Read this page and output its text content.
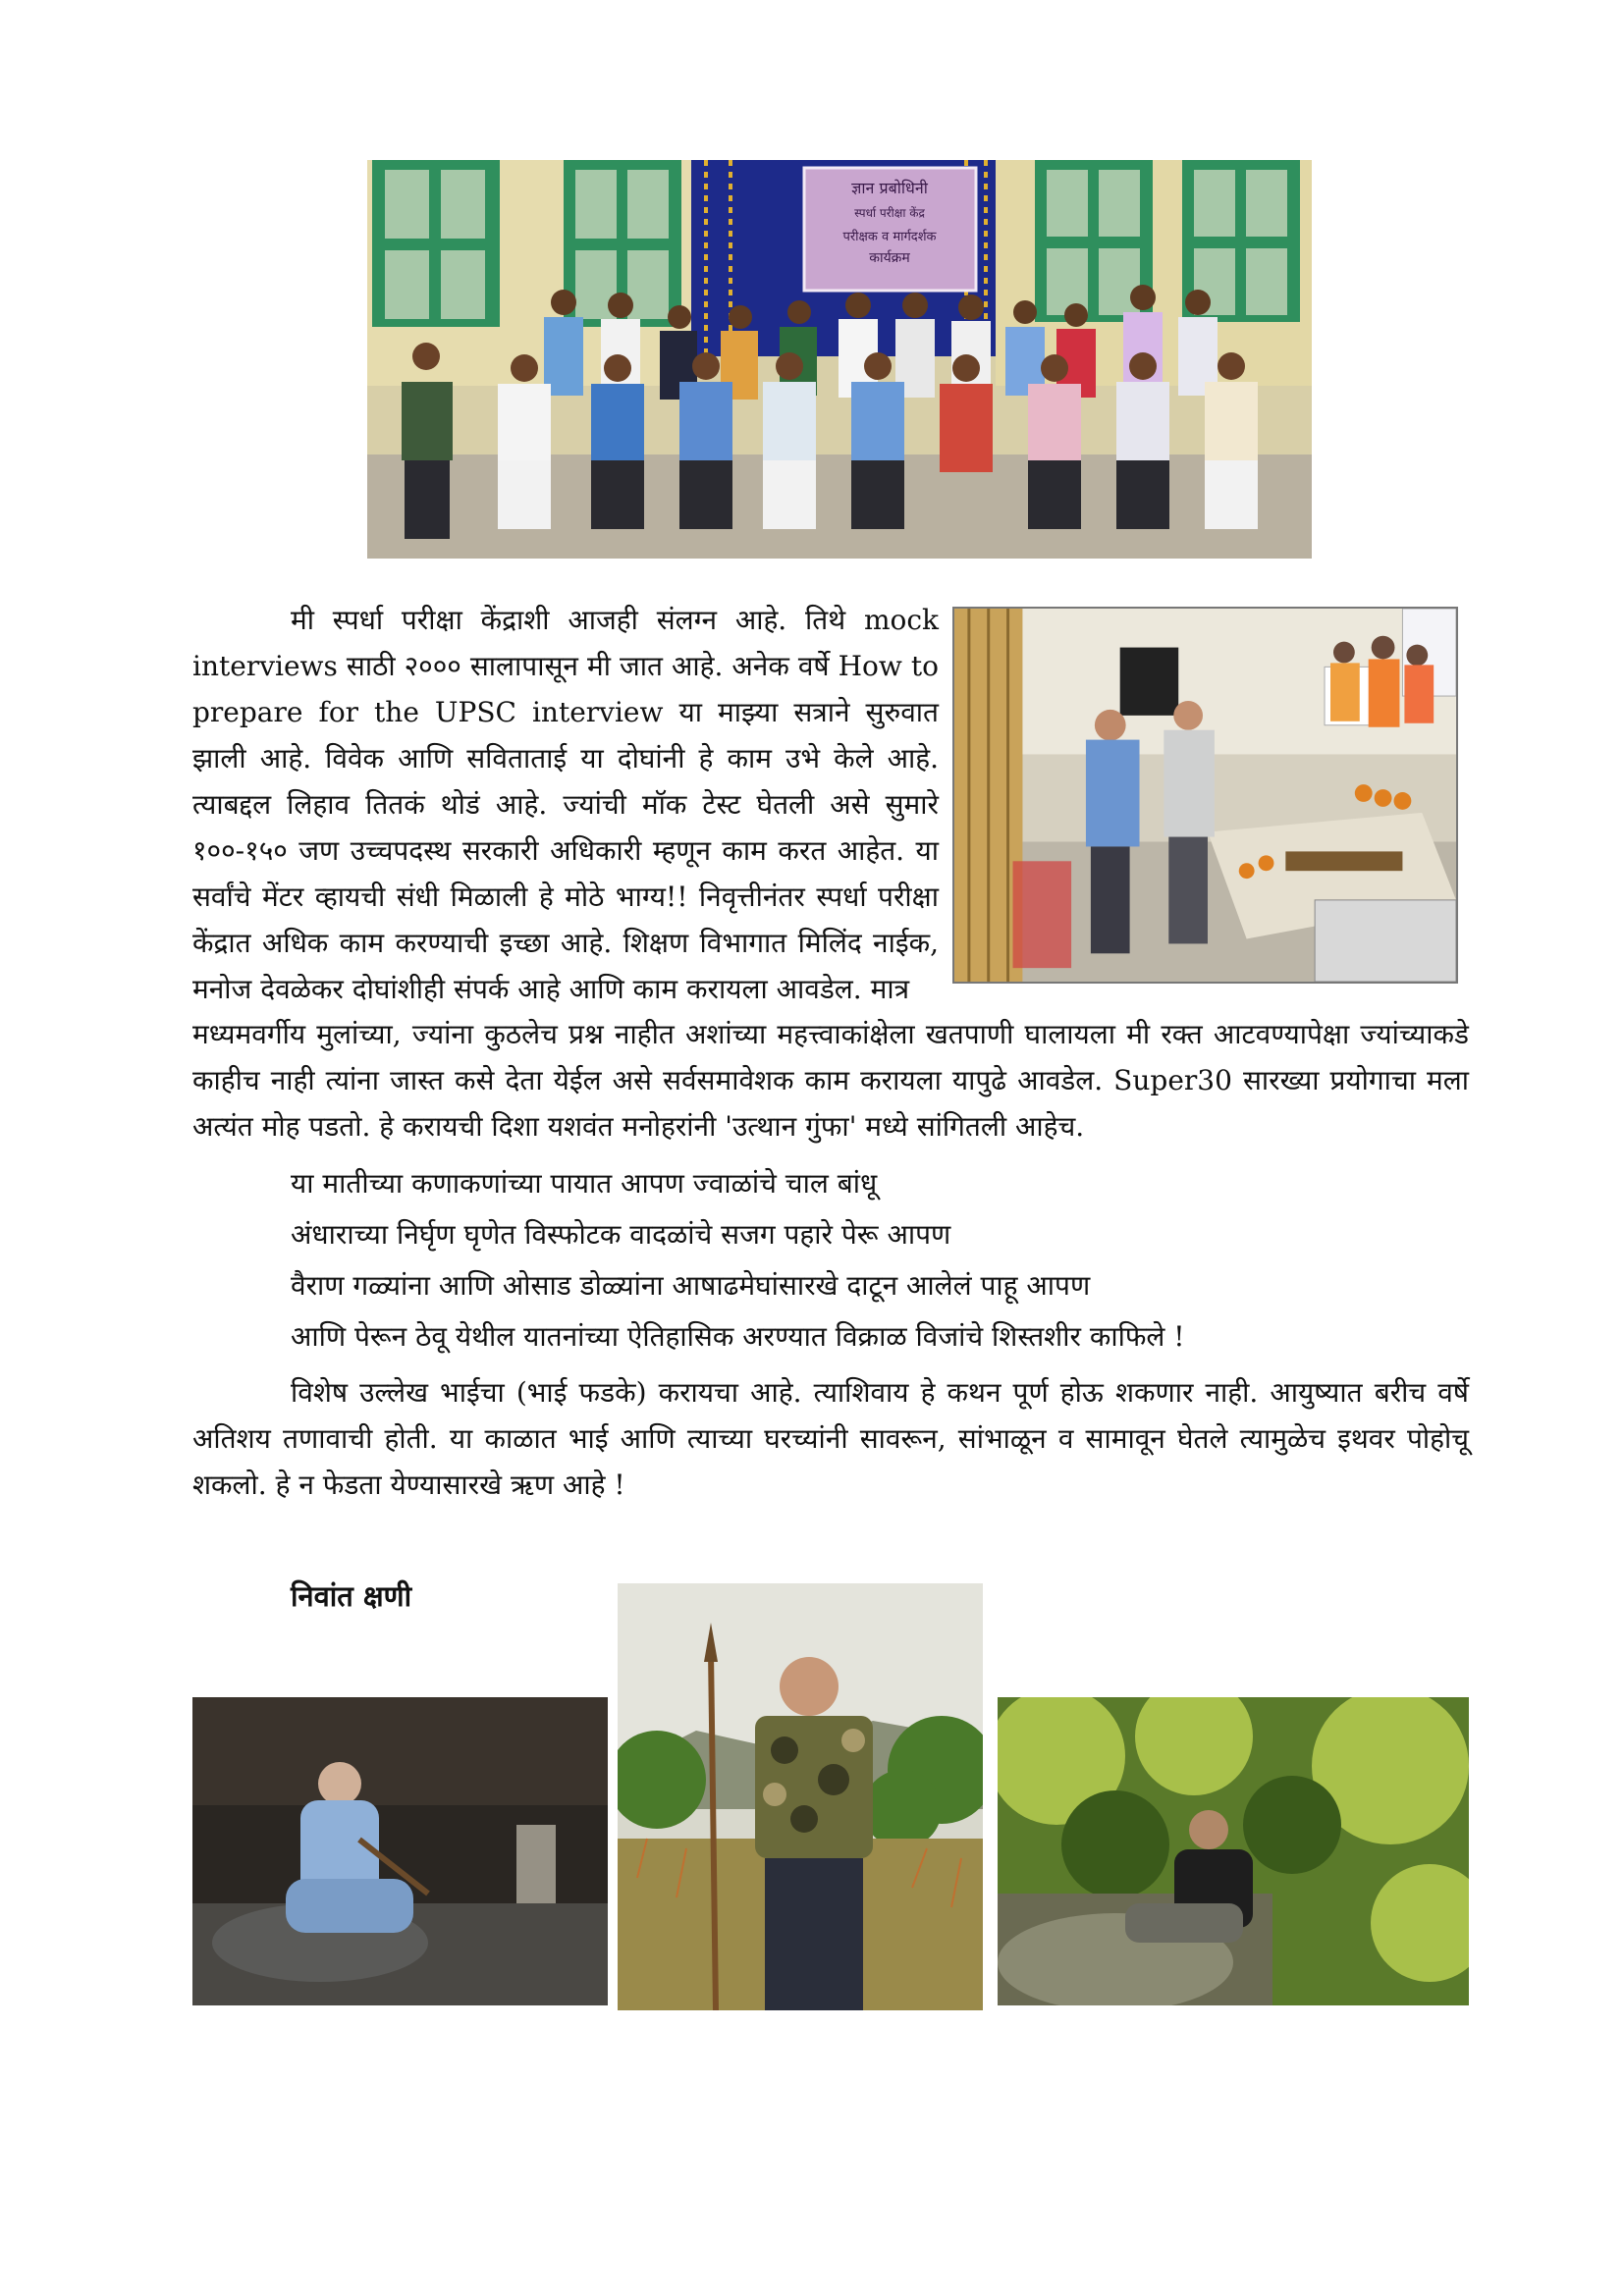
ज्ञान प्रबोधिनी
स्पर्धा परीक्षा केंद्र
परीक्षक व मार्गदर्शक
कार्यक्रम
मी स्पर्धा परीक्षा केंद्राशी आजही संलग्न आहे. तिथे mock interviews साठी २००० सालापासून मी जात आहे. अनेक वर्षे How to prepare for the UPSC interview या माझ्या सत्राने सुरुवात झाली आहे. विवेक आणि सविताताई या दोघांनी हे काम उभे केले आहे. त्याबद्दल लिहाव तितकं थोडं आहे. ज्यांची मॉक टेस्ट घेतली असे सुमारे १००-१५० जण उच्चपदस्थ सरकारी अधिकारी म्हणून काम करत आहेत. या सर्वांचे मेंटर व्हायची संधी मिळाली हे मोठे भाग्य!! निवृत्तीनंतर स्पर्धा परीक्षा केंद्रात अधिक काम करण्याची इच्छा आहे. शिक्षण विभागात मिलिंद नाईक, मनोज देवळेकर दोघांशीही संपर्क आहे आणि काम करायला आवडेल. मात्र
मध्यमवर्गीय मुलांच्या, ज्यांना कुठलेच प्रश्न नाहीत अशांच्या महत्त्वाकांक्षेला खतपाणी घालायला मी रक्त आटवण्यापेक्षा ज्यांच्याकडे काहीच नाही त्यांना जास्त कसे देता येईल असे सर्वसमावेशक काम करायला यापुढे आवडेल. Super30 सारख्या प्रयोगाचा मला अत्यंत मोह पडतो. हे करायची दिशा यशवंत मनोहरांनी 'उत्थान गुंफा' मध्ये सांगितली आहेच.
या मातीच्या कणाकणांच्या पायात आपण ज्वाळांचे चाल बांधू
अंधाराच्या निर्घृण घृणेत विस्फोटक वादळांचे सजग पहारे पेरू आपण
वैराण गळ्यांना आणि ओसाड डोळ्यांना आषाढमेघांसारखे दाटून आलेलं पाहू आपण
आणि पेरून ठेवू येथील यातनांच्या ऐतिहासिक अरण्यात विक्राळ विजांचे शिस्तशीर काफिले !
विशेष उल्लेख भाईचा (भाई फडके) करायचा आहे. त्याशिवाय हे कथन पूर्ण होऊ शकणार नाही. आयुष्यात बरीच वर्षे अतिशय तणावाची होती. या काळात भाई आणि त्याच्या घरच्यांनी सावरून, सांभाळून व सामावून घेतले त्यामुळेच इथवर पोहोचू शकलो. हे न फेडता येण्यासारखे ऋण आहे !
निवांत क्षणी
